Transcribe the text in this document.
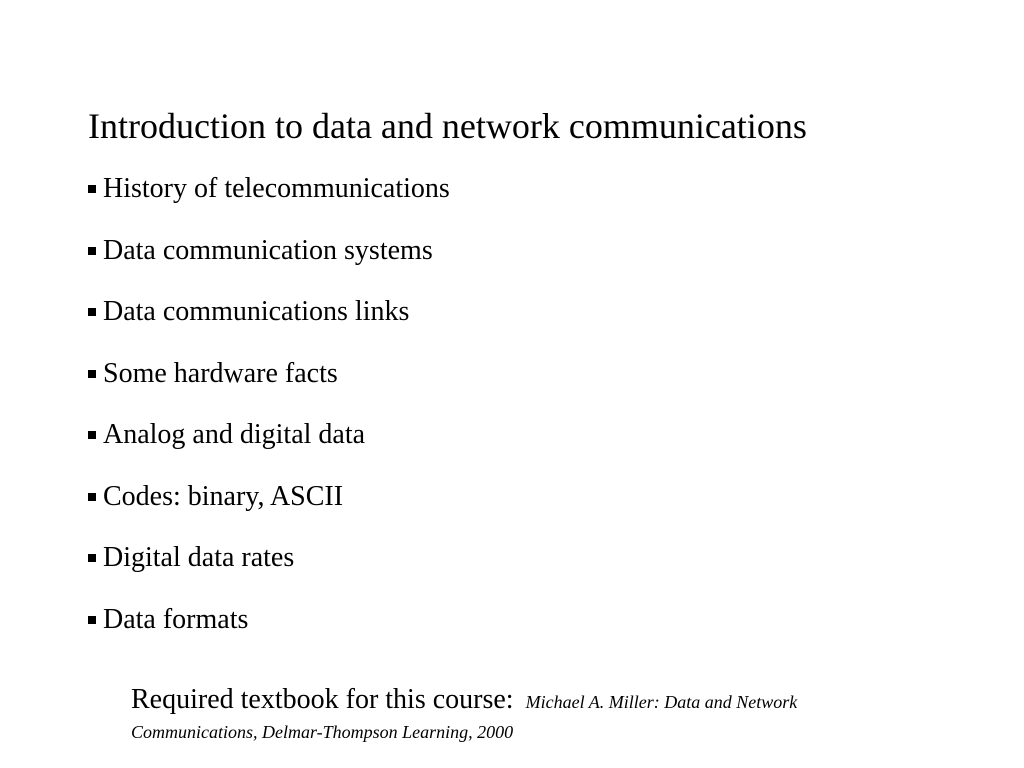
Introduction to data and network communications
History of telecommunications
Data communication systems
Data communications links
Some hardware facts
Analog and digital data
Codes: binary, ASCII
Digital data rates
Data formats
Required textbook for this course: Michael A. Miller: Data and Network
Communications, Delmar-Thompson Learning, 2000
